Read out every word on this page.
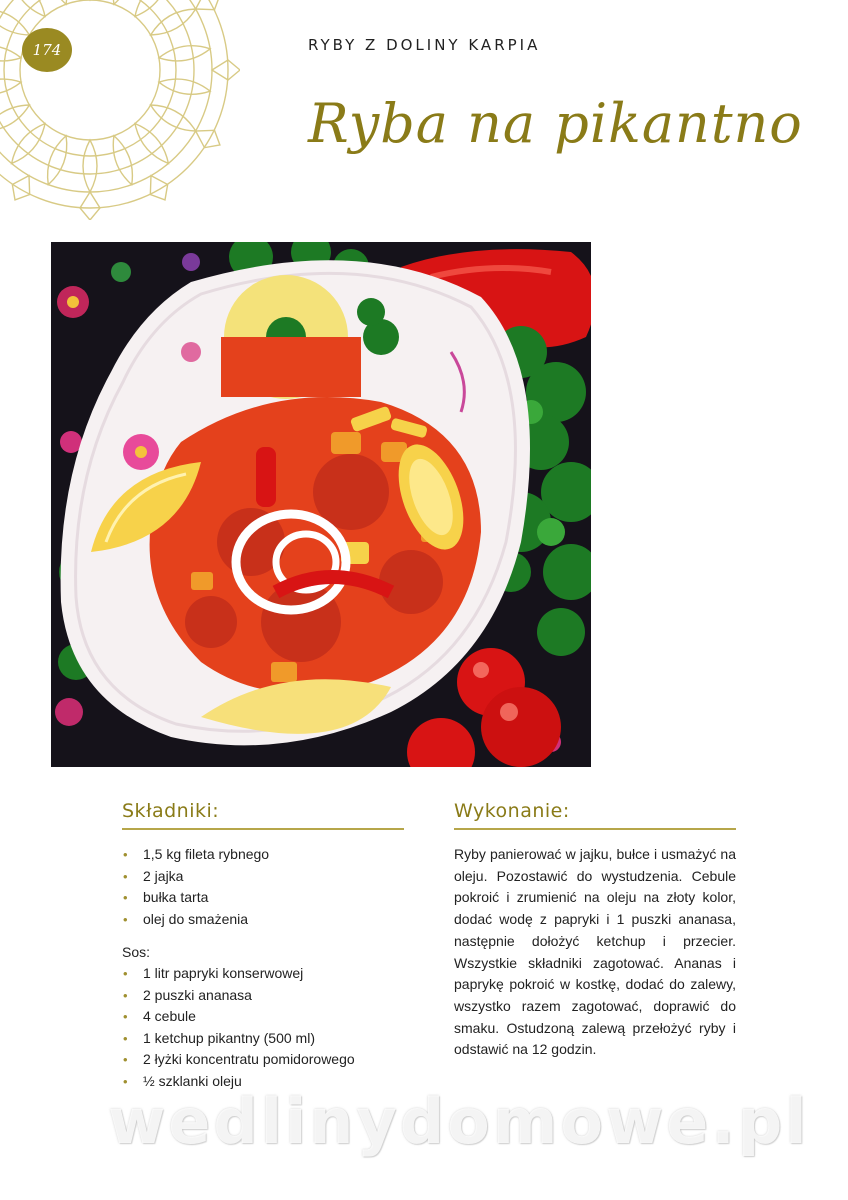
174	RYBY Z DOLINY KARPIA
Ryba na pikantno
Składniki:
• 1,5 kg fileta rybnego
• 2 jajka
• bułka tarta
• olej do smażenia
Sos:
• 1 litr papryki konserwowej
• 2 puszki ananasa
• 4 cebule
• 1 ketchup pikantny (500 ml)
• 2 łyżki koncentratu pomidorowego
• ½ szklanki oleju
Wykonanie:

Ryby panierować w jajku, bułce i usmażyć na oleju. Pozostawić do wystudzenia. Cebule pokroić i zrumienić na oleju na złoty kolor, dodać wodę z papryki i 1 puszki ananasa, następnie dołożyć ketchup i przecier. Wszystkie składniki zagotować. Ananas i paprykę pokroić w kostkę, dodać do zalewy, wszystko razem zagotować, doprawić do smaku. Ostudzoną zalewą przełożyć ryby i odstawić na 12 godzin.

wedlinydomowe.pl
